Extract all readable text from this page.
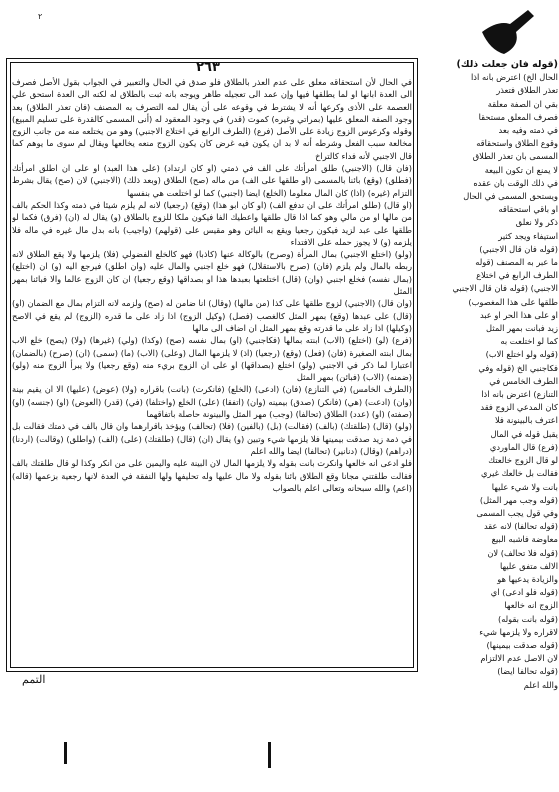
٢
٢٦٣

في الحال لأن استحقاقه معلق على عدم العذر بالطلاق فلو صدق في الحال والتعبير في الجواب بقول الأصل فصرف الى العدة ابانها او لما يطلقها فيها وإن عمد الى تعجيله طاهر ويوجه بانه ثبت بالطلاق له لكنه الى العدة استحق علي العصمة على الأذى وكرعها أنه لا يشترط في وقوعه على أن يقال لمه التصرف به المصنف (فان تعذر الطلاق) بعد وجود الصفة المعلق عليها (بمراتي وغيره) كموت (قدر) في وجود المعقود له (أنى المسمى كالقدرة على تسليم المبيع) وقوله وكرعوس الزوج زيادة على الأصل (فرع) (الطرف الرابع في اختلاع الاجنبي) وهو من يختلعه منه من جانب الزوج مخالعة سبب الفعل وشرطه أنه لا بد ان يكون فيه غرض كان يكون الزوج منعه يخالعها ويقال لم سوى ما يوهم كما قال الاجنبي لأنه فداء كالتراخ

(فان قال) (الاجنبي) طلق امرأتك على الف في ذمتي (او كان ارتداد) (على هذا العبد) او على ان اطلق امرأتك (فطلق) (وقع) بائنا بالمسمى (او طلقها على الف) من ماله (صح) الطلاق (وبعد ذلك) (الاجنبي) لان (صح) يقال بشرط التزام (غيره) (اذا) كان المال معلوما (الخلع) ايضا (اجنبي) كما لو اختلعت هي بنفسها

(او قال) (طلق امرأتك على ان تدفع الف) (او كان ابو هذا) (وقع) (رجعيا) لانه لم يلزم شيئا في ذمته وكذا الحكم بالف من مالها او من مالي وهو كما اذا قال طلقها واعطيك الفا فيكون ملكا للزوج بالطلاق (و) يقال له (ان) (فرق) فكما لو طلقها على عبد لزيد فيكون رجعيا ويقع به البائن وهو مقيس على (قولهم) (واجيب) بانه بدل مال غيره في ماله فلا يلزمه (و) لا يجوز حمله على الافتداء

(ولو) (اختلع الاجنبي) بمال المرأة (وصرح) بالوكالة عنها (كاذبا) فهو كالخلع الفضولي (فلا) يلزمها ولا يقع الطلاق لانه ربطه بالمال ولم يلزم (فان) (صرح بالاستقلال) فهو خلع اجنبي والمال عليه (وان اطلق) فيرجع اليه (و) ان (اختلع) (بمال نفسه) فخلع اجنبي (وان) (قال) اختلعتها بعبدها هذا او بصداقها (وقع رجعيا) ان كان الزوج عالما والا فبائنا بمهر المثل

(وان قال) (الاجنبي) لزوج طلقها على كذا (من مالها) (وقال) انا ضامن له (صح) ولزمه لانه التزام بمال مع الضمان (او) (قال) على عبدها (وقع) بمهر المثل كالغصب (فصل) (وكيل الزوج) اذا زاد على ما قدره (الزوج) لم يقع في الاصح (وكيلها) اذا زاد على ما قدرته وقع بمهر المثل ان اضاف الى مالها

(فرع) (لو) (اختلع) (الاب) ابنته بمالها (فكاجنبي) (او) بمال نفسه (صح) (وكذا) (ولي) (غيرها) (ولا) (يصح) خلع الاب بمال ابنته الصغيرة (فان) (فعل) (وقع) (رجعيا) (اذ) لا يلزمها المال (وعلى) (الاب) (ما) (سمى) (ان) (صرح) (بالضمان) اعتبارا لما ذكر في الاجنبي (ولو) اختلع (بصداقها) او على ان الزوج بريء منه (وقع رجعيا) ولا يبرأ الزوج منه (ولو) (ضمنه) (الاب) (فبائن) بمهر المثل

(الطرف الخامس) (في التنازع) (فان) (ادعى) (الخلع) (فانكرت) (بانت) باقراره (ولا) (عوض) (عليها) الا ان يقيم بينة (وان) (ادعت) (هي) (فانكر) (صدق) بيمينه (وان) (اتفقا) (على) الخلع (واختلفا) (في) (قدر) (العوض) (او) (جنسه) (او) (صفته) (او) (عدد) الطلاق (تحالفا) (وجب) مهر المثل والبينونة حاصلة باتفاقهما

(ولو) (قال) (طلقتك) (بالف) (فقالت) (بل) (بالفين) (فلا) (تحالف) ويؤخذ باقرارهما وان قال بالف في ذمتك فقالت بل في ذمة زيد صدقت بيمينها فلا يلزمها شيء وتبين (و) يقال (ان) (قال) (طلقتك) (على) (الف) (واطلق) (وقالت) (اردنا) (دراهم) (وقال) (دنانير) (تحالفا) ايضا والله اعلم

فلو ادعى انه خالعها وانكرت بانت بقوله ولا يلزمها المال لان البينة عليه واليمين على من انكر وكذا لو قال طلقتك بالف فقالت طلقتني مجانا وقع الطلاق بائنا بقوله ولا مال عليها وله تحليفها ولها النفقة في العدة لانها رجعية بزعمها (قاله) (اعم) والله سبحانه وتعالى اعلم بالصواب

(قوله فان جعلت ذلك)

الحال الخ) اعترض بانه اذا

تعذر الطلاق فتعذر

بقي ان الصفة معلقة

فصرف المعلق مستحقا

في ذمته وفيه بعد

وقوع الطلاق واستحقاقه

المسمى بان تعذر الطلاق

لا يمنع ان تكون البيعة

في ذلك الوقت بان عقده

ويستحق المسمى في الحال

او باقي استحقاقه

ذكر ولا نعلق

استيفاء ويجد كثير

(قوله فان قال الاجنبي)

ما عبر به المصنف (قوله

الطرف الرابع في اختلاع

الاجنبي) (قوله فان قال الاجنبي

طلقها على هذا المغصوب)

او على هذا الحر او عبد

زيد فبانت بمهر المثل

كما لو اختلعت به

(قوله ولو اختلع الاب)

فكاجنبي الخ (قوله وفي

الطرف الخامس في

التنازع) اعترض بانه اذا

كان المدعي الزوج فقد

اعترف بالبينونة فلا

يقبل قوله في المال

(فرع) قال الماوردي

لو قال الزوج خالعتك

فقالت بل خالعك غيري

بانت ولا شيء عليها

(قوله وجب مهر المثل)

وفي قول يجب المسمى

(قوله تحالفا) لانه عقد

معاوضة فاشبه البيع

(قوله فلا تحالف) لان

الالف متفق عليها

والزيادة يدعيها هو

(قوله فلو ادعى) اي

الزوج انه خالعها

(قوله بانت بقوله)

لاقراره ولا يلزمها شيء

(قوله صدقت بيمينها)

لان الاصل عدم الالتزام

(قوله تحالفا ايضا)

والله اعلم

التمم
